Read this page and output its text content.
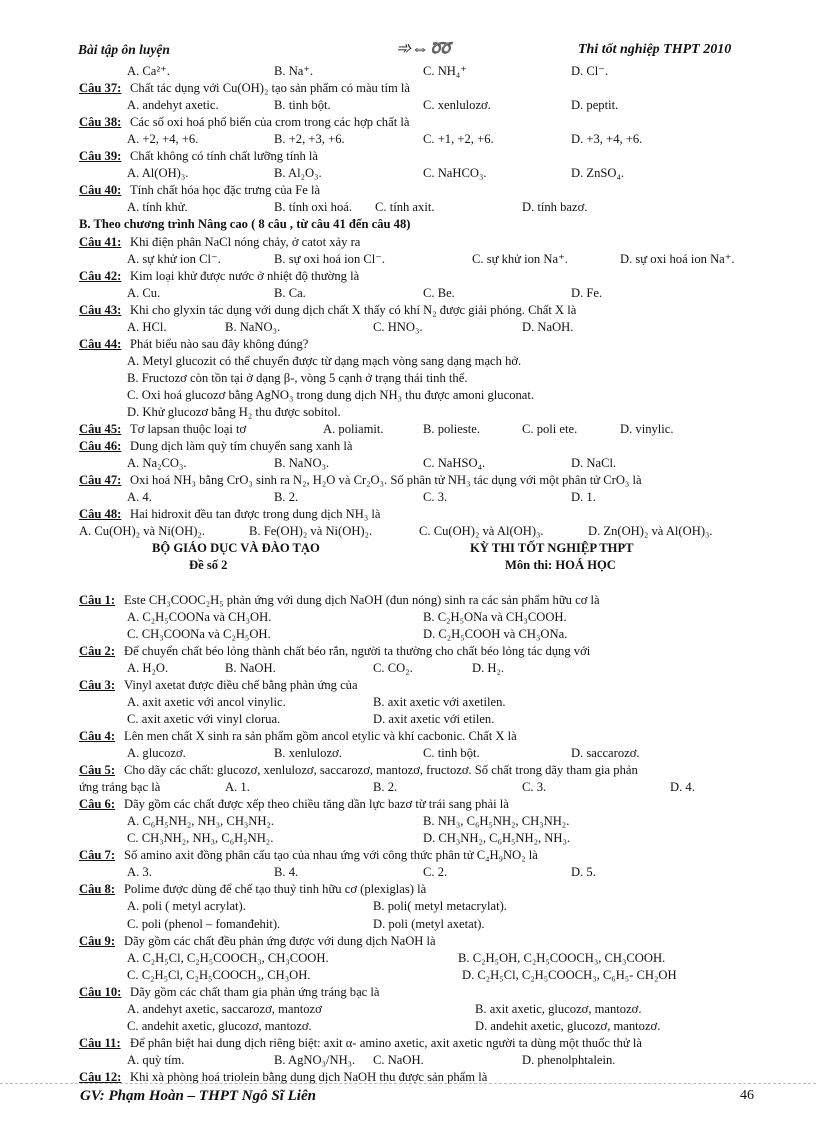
Bài tập ôn luyện	➾⇔➿	Thi tốt nghiệp THPT 2010
A. Ca²⁺.	B. Na⁺.	C. NH₄⁺	D. Cl⁻.
Câu 37: Chất tác dụng với Cu(OH)₂ tạo sản phẩm có màu tím là
A. andehyt axetic.	B. tinh bột.	C. xenlulozơ.	D. peptit.
Câu 38: Các số oxi hoá phổ biến của crom trong các hợp chất là
A. +2, +4, +6.	B. +2, +3, +6.	C. +1, +2, +6.	D. +3, +4, +6.
Câu 39: Chất không có tính chất lưỡng tính là
A. Al(OH)₃.	B. Al₂O₃.	C. NaHCO₃.	D. ZnSO₄.
Câu 40: Tính chất hóa học đặc trưng của Fe là
A. tính khử.	B. tính oxi hoá. C. tính axit.	D. tính bazơ.
B. Theo chương trình Nâng cao ( 8 câu , từ câu 41 đến câu 48)
Câu 41: Khi điện phân NaCl nóng chảy, ở catot xảy ra
A. sự khử ion Cl⁻.	B. sự oxi hoá ion Cl⁻.	C. sự khử ion Na⁺.	D. sự oxi hoá ion Na⁺.
Câu 42: Kim loại khử được nước ở nhiệt độ thường là
A. Cu.	B. Ca.	C. Be.	D. Fe.
Câu 43: Khi cho glyxin tác dụng với dung dịch chất X thấy có khí N₂ được giải phóng. Chất X là
A. HCl.	B. NaNO₃.	C. HNO₃.	D. NaOH.
Câu 44: Phát biểu nào sau đây không đúng?
A. Metyl glucozit có thể chuyển được từ dạng mạch vòng sang dạng mạch hở.
B. Fructozơ còn tồn tại ở dạng β-, vòng 5 cạnh ở trạng thái tinh thể.
C. Oxi hoá glucozơ bằng AgNO₃ trong dung dịch NH₃ thu được amoni gluconat.
D. Khử glucozơ bằng H₂ thu được sobitol.
Câu 45: Tơ lapsan thuộc loại tơ	A. poliamit.	B. polieste.	C. poli ete.	D. vinylic.
Câu 46: Dung dịch làm quỳ tím chuyển sang xanh là
A. Na₂CO₃.	B. NaNO₃.	C. NaHSO₄.	D. NaCl.
Câu 47: Oxi hoá NH₃ bằng CrO₃ sinh ra N₂, H₂O và Cr₂O₃. Số phân tử NH₃ tác dụng với một phân tử CrO₃ là
A. 4.	B. 2.	C. 3.	D. 1.
Câu 48: Hai hidroxit đều tan được trong dung dịch NH₃ là
A. Cu(OH)₂ và Ni(OH)₂.	B. Fe(OH)₂ và Ni(OH)₂.	C. Cu(OH)₂ và Al(OH)₃.	D. Zn(OH)₂ và Al(OH)₃.
BỘ GIÁO DỤC VÀ ĐÀO TẠO	KỲ THI TỐT NGHIỆP THPT
Đề số 2	Môn thi: HOÁ HỌC
Câu 1: Este CH₃COOC₂H₅ phản ứng với dung dịch NaOH (đun nóng) sinh ra các sản phẩm hữu cơ là
A. C₂H₅COONa và CH₃OH.	B. C₂H₅ONa và CH₃COOH.
C. CH₃COONa và C₂H₅OH.	D. C₂H₅COOH và CH₃ONa.
Câu 2: Để chuyển chất béo lỏng thành chất béo rắn, người ta thường cho chất béo lỏng tác dụng với
A. H₂O.	B. NaOH.	C. CO₂.	D. H₂.
Câu 3: Vinyl axetat được điều chế bằng phản ứng của
A. axit axetic với ancol vinylic.	B. axit axetic với axetilen.
C. axit axetic với vinyl clorua.	D. axit axetic với etilen.
Câu 4: Lên men chất X sinh ra sản phẩm gồm ancol etylic và khí cacbonic. Chất X là
A. glucozơ.	B. xenlulozơ.	C. tinh bột.	D. saccarozơ.
Câu 5: Cho dãy các chất: glucozơ, xenlulozơ, saccarozơ, mantozơ, fructozơ. Số chất trong dãy tham gia phản
ứng tráng bạc là	A. 1.	B. 2.	C. 3.	D. 4.
Câu 6: Dãy gồm các chất được xếp theo chiều tăng dần lực bazơ từ trái sang phải là
A. C₆H₅NH₂, NH₃, CH₃NH₂.	B. NH₃, C₆H₅NH₂, CH₃NH₂.
C. CH₃NH₂, NH₃, C₆H₅NH₂.	D. CH₃NH₂, C₆H₅NH₂, NH₃.
Câu 7: Số amino axit đồng phân cấu tạo của nhau ứng với công thức phân tử C₄H₉NO₂ là
A. 3.	B. 4.	C. 2.	D. 5.
Câu 8: Polime được dùng để chế tạo thuỷ tinh hữu cơ (plexiglas) là
A. poli ( metyl acrylat).	B. poli( metyl metacrylat).
C. poli (phenol – fomanđehit).	D. poli (metyl axetat).
Câu 9: Dãy gồm các chất đều phản ứng được với dung dịch NaOH là
A. C₂H₅Cl, C₂H₅COOCH₃, CH₃COOH.	B. C₂H₅OH, C₂H₅COOCH₃, CH₃COOH.
C. C₂H₅Cl, C₂H₅COOCH₃, CH₃OH.	D. C₂H₅Cl, C₂H₅COOCH₃, C₆H₅- CH₂OH
Câu 10: Dãy gồm các chất tham gia phản ứng tráng bạc là
A. andehyt axetic, saccarozơ, mantozơ	B. axit axetic, glucozơ, mantozơ.
C. andehit axetic, glucozơ, mantozơ.	D. andehit axetic, glucozơ, mantozơ.
Câu 11: Để phân biệt hai dung dịch riêng biệt: axit α- amino axetic, axit axetic người ta dùng một thuốc thử là
A. quỳ tím.	B. AgNO₃/NH₃. C. NaOH.	D. phenolphtalein.
Câu 12: Khi xà phòng hoá triolein bằng dung dịch NaOH thu được sản phẩm là
GV: Phạm Hoàn – THPT Ngô Sĩ Liên	46
